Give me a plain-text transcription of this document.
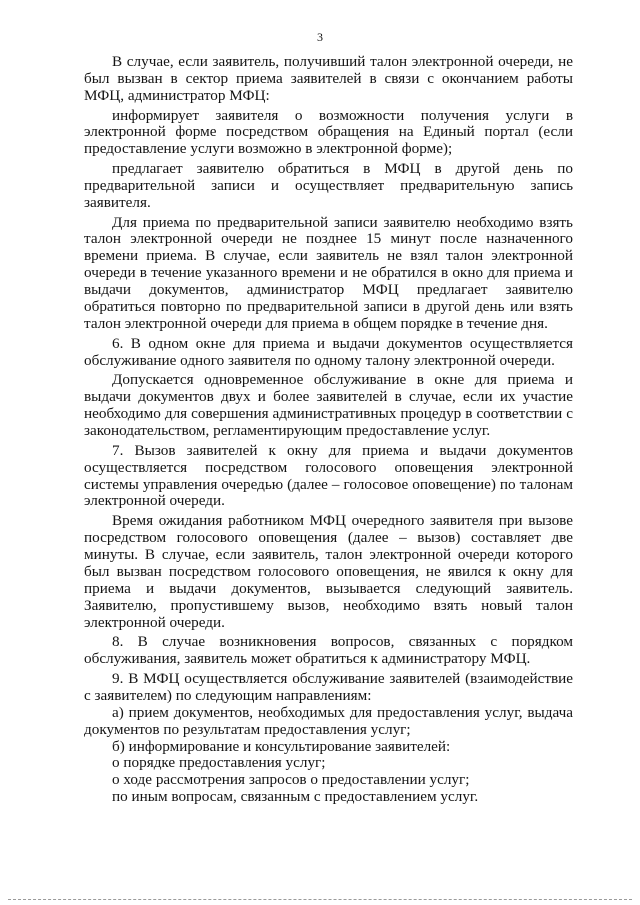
3

В случае, если заявитель, получивший талон электронной очереди, не был вызван в сектор приема заявителей в связи с окончанием работы МФЦ, администратор МФЦ:

информирует заявителя о возможности получения услуги в электронной форме посредством обращения на Единый портал (если предоставление услуги возможно в электронной форме);

предлагает заявителю обратиться в МФЦ в другой день по предварительной записи и осуществляет предварительную запись заявителя.

Для приема по предварительной записи заявителю необходимо взять талон электронной очереди не позднее 15 минут после назначенного времени приема. В случае, если заявитель не взял талон электронной очереди в течение указанного времени и не обратился в окно для приема и выдачи документов, администратор МФЦ предлагает заявителю обратиться повторно по предварительной записи в другой день или взять талон электронной очереди для приема в общем порядке в течение дня.

6. В одном окне для приема и выдачи документов осуществляется обслуживание одного заявителя по одному талону электронной очереди.

Допускается одновременное обслуживание в окне для приема и выдачи документов двух и более заявителей в случае, если их участие необходимо для совершения административных процедур в соответствии с законодательством, регламентирующим предоставление услуг.

7. Вызов заявителей к окну для приема и выдачи документов осуществляется посредством голосового оповещения электронной системы управления очередью (далее – голосовое оповещение) по талонам электронной очереди.

Время ожидания работником МФЦ очередного заявителя при вызове посредством голосового оповещения (далее – вызов) составляет две минуты. В случае, если заявитель, талон электронной очереди которого был вызван посредством голосового оповещения, не явился к окну для приема и выдачи документов, вызывается следующий заявитель. Заявителю, пропустившему вызов, необходимо взять новый талон электронной очереди.

8. В случае возникновения вопросов, связанных с порядком обслуживания, заявитель может обратиться к администратору МФЦ.

9. В МФЦ осуществляется обслуживание заявителей (взаимодействие с заявителем) по следующим направлениям:

а) прием документов, необходимых для предоставления услуг, выдача документов по результатам предоставления услуг;

б) информирование и консультирование заявителей:

о порядке предоставления услуг;

о ходе рассмотрения запросов о предоставлении услуг;

по иным вопросам, связанным с предоставлением услуг.
